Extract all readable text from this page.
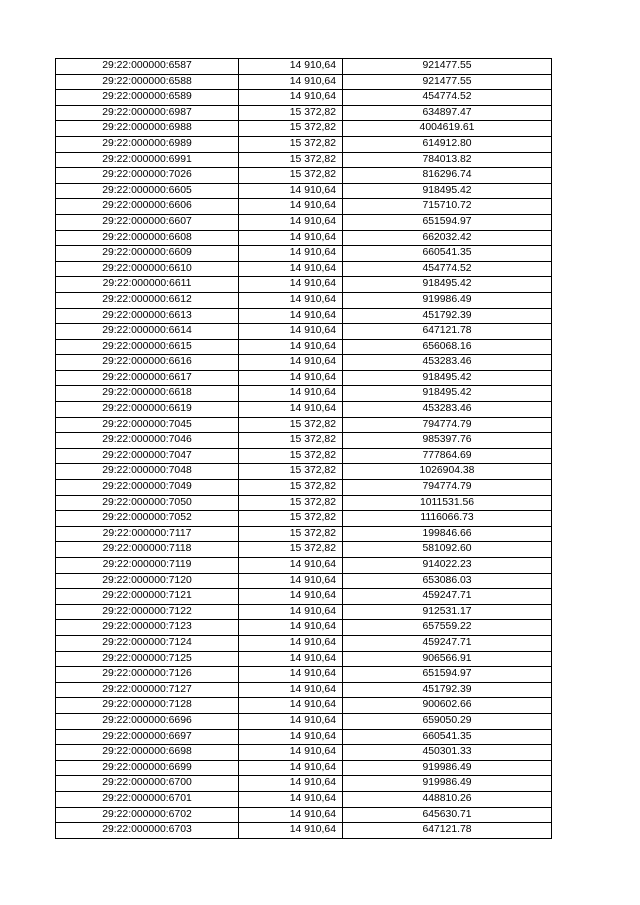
29:22:000000:6587	14 910,64	921477.55
29:22:000000:6588	14 910,64	921477.55
29:22:000000:6589	14 910,64	454774.52
29:22:000000:6987	15 372,82	634897.47
29:22:000000:6988	15 372,82	4004619.61
29:22:000000:6989	15 372,82	614912.80
29:22:000000:6991	15 372,82	784013.82
29:22:000000:7026	15 372,82	816296.74
29:22:000000:6605	14 910,64	918495.42
29:22:000000:6606	14 910,64	715710.72
29:22:000000:6607	14 910,64	651594.97
29:22:000000:6608	14 910,64	662032.42
29:22:000000:6609	14 910,64	660541.35
29:22:000000:6610	14 910,64	454774.52
29:22:000000:6611	14 910,64	918495.42
29:22:000000:6612	14 910,64	919986.49
29:22:000000:6613	14 910,64	451792.39
29:22:000000:6614	14 910,64	647121.78
29:22:000000:6615	14 910,64	656068.16
29:22:000000:6616	14 910,64	453283.46
29:22:000000:6617	14 910,64	918495.42
29:22:000000:6618	14 910,64	918495.42
29:22:000000:6619	14 910,64	453283.46
29:22:000000:7045	15 372,82	794774.79
29:22:000000:7046	15 372,82	985397.76
29:22:000000:7047	15 372,82	777864.69
29:22:000000:7048	15 372,82	1026904.38
29:22:000000:7049	15 372,82	794774.79
29:22:000000:7050	15 372,82	1011531.56
29:22:000000:7052	15 372,82	1116066.73
29:22:000000:7117	15 372,82	199846.66
29:22:000000:7118	15 372,82	581092.60
29:22:000000:7119	14 910,64	914022.23
29:22:000000:7120	14 910,64	653086.03
29:22:000000:7121	14 910,64	459247.71
29:22:000000:7122	14 910,64	912531.17
29:22:000000:7123	14 910,64	657559.22
29:22:000000:7124	14 910,64	459247.71
29:22:000000:7125	14 910,64	906566.91
29:22:000000:7126	14 910,64	651594.97
29:22:000000:7127	14 910,64	451792.39
29:22:000000:7128	14 910,64	900602.66
29:22:000000:6696	14 910,64	659050.29
29:22:000000:6697	14 910,64	660541.35
29:22:000000:6698	14 910,64	450301.33
29:22:000000:6699	14 910,64	919986.49
29:22:000000:6700	14 910,64	919986.49
29:22:000000:6701	14 910,64	448810.26
29:22:000000:6702	14 910,64	645630.71
29:22:000000:6703	14 910,64	647121.78
